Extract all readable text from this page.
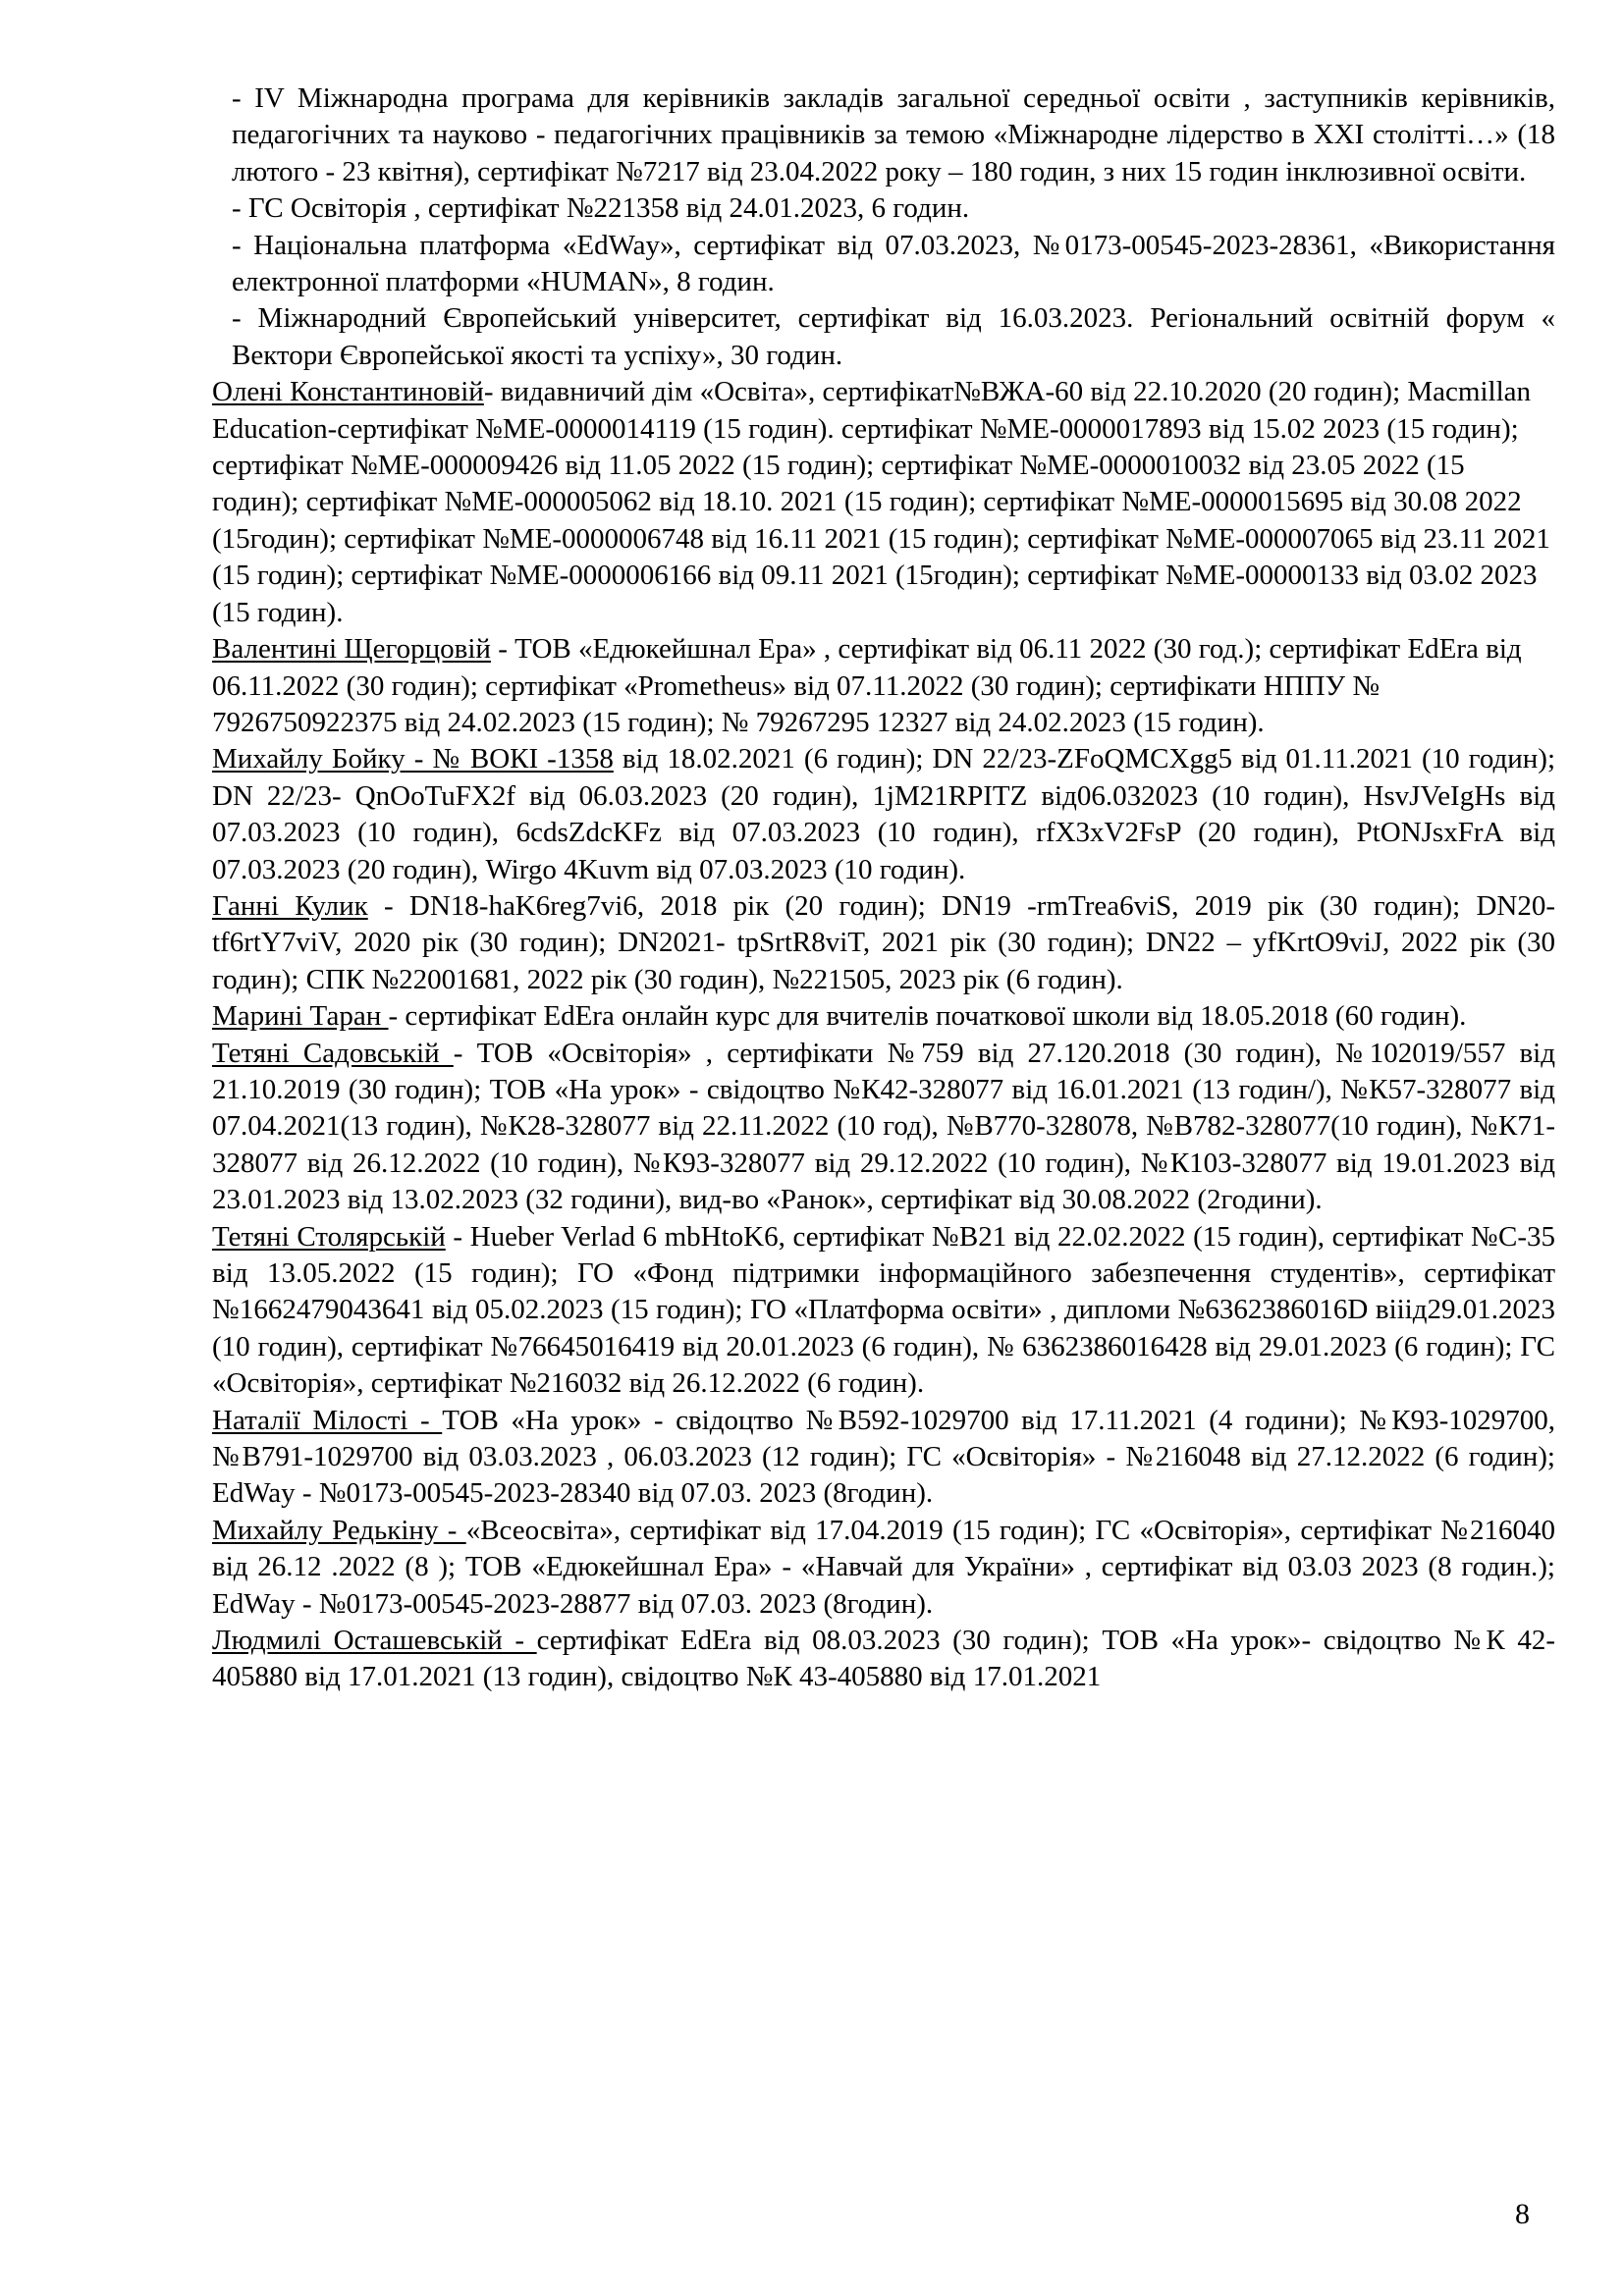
- IV Міжнародна програма для керівників закладів загальної середньої освіти , заступників керівників, педагогічних та науково - педагогічних працівників за темою «Міжнародне лідерство в ХХІ столітті…» (18 лютого - 23 квітня), сертифікат №7217 від 23.04.2022 року – 180 годин, з них 15 годин інклюзивної освіти.

- ГС Освіторія , сертифікат №221358 від 24.01.2023, 6 годин.

- Національна платформа «EdWay», сертифікат від 07.03.2023, №0173-00545-2023-28361, «Використання електронної платформи «HUMAN», 8 годин.

- Міжнародний Європейський університет, сертифікат від 16.03.2023. Регіональний освітній форум « Вектори Європейської якості та успіху», 30 годин.

Олені Константиновій- видавничий дім «Освіта», сертифікат№ВЖА-60 від 22.10.2020 (20 годин); Macmillan Education-сертифікат №ME-0000014119 (15 годин). сертифікат №ME-0000017893 від 15.02 2023 (15 годин); сертифікат №ME-000009426 від 11.05 2022 (15 годин); сертифікат №ME-0000010032 від 23.05 2022 (15 годин); сертифікат №ME-000005062 від 18.10. 2021 (15 годин); сертифікат №ME-0000015695 від 30.08 2022 (15годин); сертифікат №ME-0000006748 від 16.11 2021 (15 годин); сертифікат №ME-000007065 від 23.11 2021 (15 годин); сертифікат №ME-0000006166 від 09.11 2021 (15годин); сертифікат №ME-00000133 від 03.02 2023 (15 годин).

Валентині Щегорцовій - ТОВ «Едюкейшнал Ера» , сертифікат від 06.11 2022 (30 год.); сертифікат EdEra від 06.11.2022 (30 годин); сертифікат «Prometheus» від 07.11.2022 (30 годин); сертифікати НППУ № 7926750922375 від 24.02.2023 (15 годин); № 79267295 12327 від 24.02.2023 (15 годин).

Михайлу Бойку - № ВОКІ -1358 від 18.02.2021 (6 годин); DN 22/23-ZFoQMCXgg5 від 01.11.2021 (10 годин); DN 22/23- QnOoTuFX2f від 06.03.2023 (20 годин), 1jM21RPITZ від06.032023 (10 годин), HsvJVeIgHs від 07.03.2023 (10 годин), 6cdsZdcKFz від 07.03.2023 (10 годин), rfX3xV2FsP (20 годин), PtONJsxFrA від 07.03.2023 (20 годин), Wirgo 4Kuvm від 07.03.2023 (10 годин).

Ганні Кулик - DN18-haK6reg7vi6, 2018 рік (20 годин); DN19 -rmTrea6viS, 2019 рік (30 годин); DN20- tf6rtY7viV, 2020 рік (30 годин); DN2021- tpSrtR8viT, 2021 рік (30 годин); DN22 – yfKrtO9viJ, 2022 рік (30 годин); СПК №22001681, 2022 рік (30 годин), №221505, 2023 рік (6 годин).

Марині Таран - сертифікат EdEra онлайн курс для вчителів початкової школи від 18.05.2018 (60 годин).

Тетяні Садовській - ТОВ «Освіторія» , сертифікати №759 від 27.120.2018 (30 годин), №102019/557 від 21.10.2019 (30 годин); ТОВ «На урок» - свідоцтво №К42-328077 від 16.01.2021 (13 годин/), №К57-328077 від 07.04.2021(13 годин), №К28-328077 від 22.11.2022 (10 год), №В770-328078, №В782-328077(10 годин), №К71-328077 від 26.12.2022 (10 годин), №К93-328077 від 29.12.2022 (10 годин), №К103-328077 від 19.01.2023 від 23.01.2023 від 13.02.2023 (32 години), вид-во «Ранок», сертифікат від 30.08.2022 (2години).

Тетяні Столярській - Hueber Verlad 6 mbHtoK6, сертифікат №В21 від 22.02.2022 (15 годин), сертифікат №С-35 від 13.05.2022 (15 годин); ГО «Фонд підтримки інформаційного забезпечення студентів», сертифікат №1662479043641 від 05.02.2023 (15 годин); ГО «Платформа освіти» , дипломи №6362386016D віiід29.01.2023 (10 годин), сертифікат №76645016419 від 20.01.2023 (6 годин), № 6362386016428 від 29.01.2023 (6 годин); ГС «Освіторія», сертифікат №216032 від 26.12.2022 (6 годин).

Наталії Мілості - ТОВ «На урок» - свідоцтво №В592-1029700 від 17.11.2021 (4 години); №К93-1029700, №В791-1029700 від 03.03.2023 , 06.03.2023 (12 годин); ГС «Освіторія» - №216048 від 27.12.2022 (6 годин); EdWay - №0173-00545-2023-28340 від 07.03. 2023 (8годин).

Михайлу Редькіну - «Всеосвіта», сертифікат від 17.04.2019 (15 годин); ГС «Освіторія», сертифікат №216040 від 26.12 .2022 (8 ); ТОВ «Едюкейшнал Ера» - «Навчай для України» , сертифікат від 03.03 2023 (8 годин.); EdWay - №0173-00545-2023-28877 від 07.03. 2023 (8годин).

Людмилі Осташевській - сертифікат EdEra від 08.03.2023 (30 годин); ТОВ «На урок»- свідоцтво №К 42-405880 від 17.01.2021 (13 годин), свідоцтво №К 43-405880 від 17.01.2021

8
